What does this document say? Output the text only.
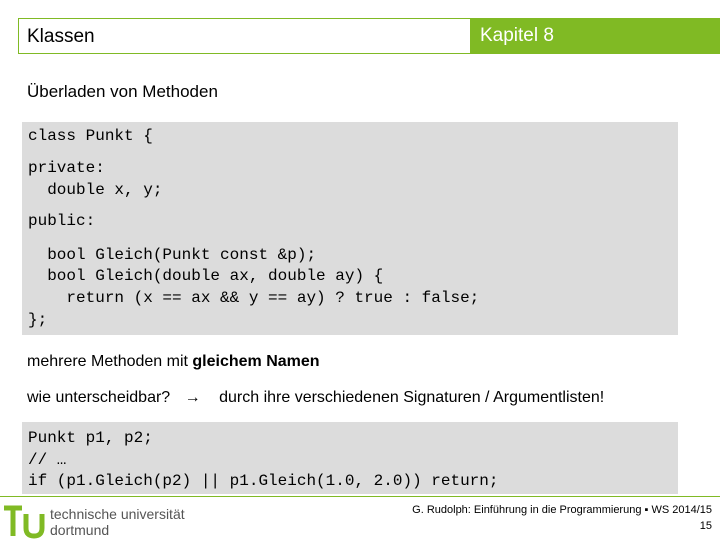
Klassen	Kapitel 8
Überladen von Methoden
class Punkt {
private:
double x, y;
public:
bool Gleich(Punkt const &p);
bool Gleich(double ax, double ay) {
return (x == ax && y == ay) ? true : false;
};
mehrere Methoden mit gleichem Namen
wie unterscheidbar? → durch ihre verschiedenen Signaturen / Argumentlisten!
Punkt p1, p2;
// …
if (p1.Gleich(p2) || p1.Gleich(1.0, 2.0)) return;
technische universität
dortmund
G. Rudolph: Einführung in die Programmierung ▪ WS 2014/15
15
